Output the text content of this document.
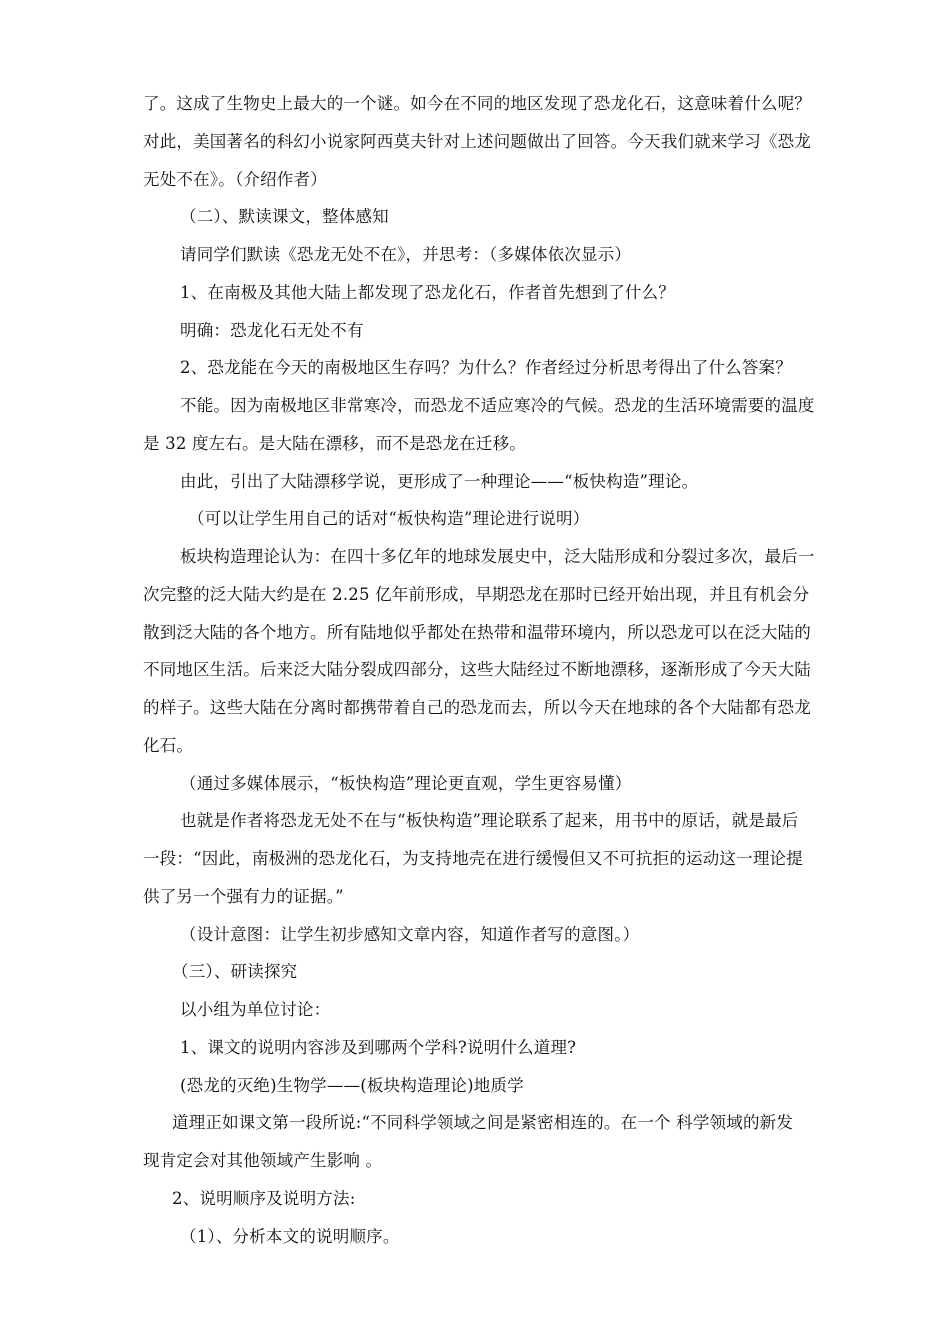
了。这成了生物史上最大的一个谜。如今在不同的地区发现了恐龙化石，这意味着什么呢？
对此，美国著名的科幻小说家阿西莫夫针对上述问题做出了回答。今天我们就来学习《恐龙
无处不在》。（介绍作者）
（二）、默读课文，整体感知
请同学们默读《恐龙无处不在》，并思考：（多媒体依次显示）
1、在南极及其他大陆上都发现了恐龙化石，作者首先想到了什么？
明确：恐龙化石无处不有
2、恐龙能在今天的南极地区生存吗？为什么？作者经过分析思考得出了什么答案？
不能。因为南极地区非常寒冷，而恐龙不适应寒冷的气候。恐龙的生活环境需要的温度
是 32 度左右。是大陆在漂移，而不是恐龙在迁移。
由此，引出了大陆漂移学说，更形成了一种理论——“板快构造”理论。
（可以让学生用自己的话对“板快构造”理论进行说明）
板块构造理论认为：在四十多亿年的地球发展史中，泛大陆形成和分裂过多次，最后一
次完整的泛大陆大约是在 2.25 亿年前形成，早期恐龙在那时已经开始出现，并且有机会分
散到泛大陆的各个地方。所有陆地似乎都处在热带和温带环境内，所以恐龙可以在泛大陆的
不同地区生活。后来泛大陆分裂成四部分，这些大陆经过不断地漂移，逐渐形成了今天大陆
的样子。这些大陆在分离时都携带着自己的恐龙而去，所以今天在地球的各个大陆都有恐龙
化石。
（通过多媒体展示，“板快构造”理论更直观，学生更容易懂）
也就是作者将恐龙无处不在与“板快构造”理论联系了起来，用书中的原话，就是最后
一段：“因此，南极洲的恐龙化石，为支持地壳在进行缓慢但又不可抗拒的运动这一理论提
供了另一个强有力的证据。”
（设计意图：让学生初步感知文章内容，知道作者写的意图。）
（三）、研读探究
以小组为单位讨论：
1、课文的说明内容涉及到哪两个学科?说明什么道理?
(恐龙的灭绝)生物学——(板块构造理论)地质学
道理正如课文第一段所说:“不同科学领域之间是紧密相连的。在一个 科学领域的新发
现肯定会对其他领域产生影响 。
2、说明顺序及说明方法:
（1）、分析本文的说明顺序。
